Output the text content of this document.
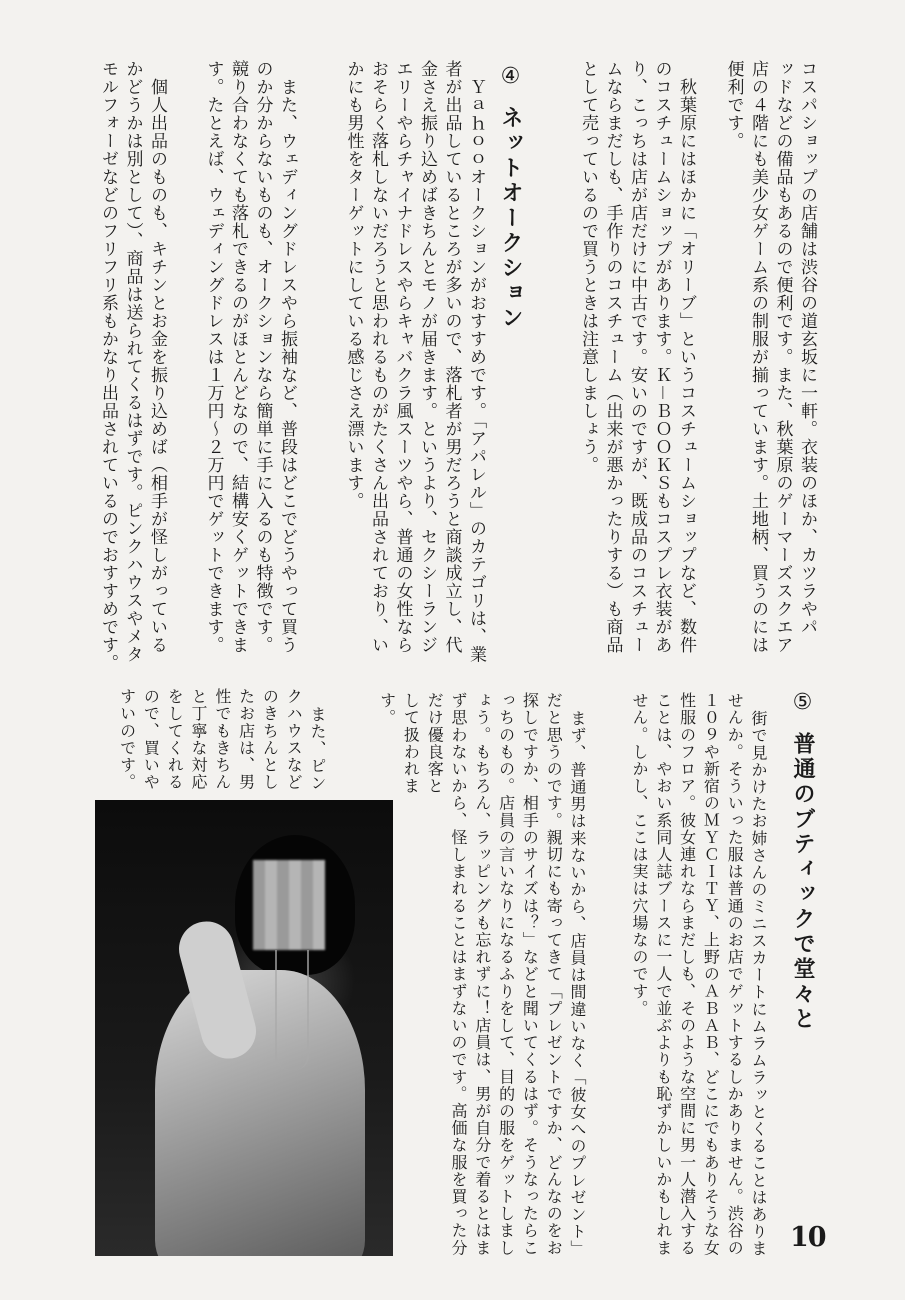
④ネットオークション
⑤普通のブティックで堂々と
10
コスパショップの店舗は渋谷の道玄坂に一軒。衣装のほか、カツラやパ
ッドなどの備品もあるので便利です。また、秋葉原のゲーマーズスクエア
店の４階にも美少女ゲーム系の制服が揃っています。土地柄、買うのには
便利です。
秋葉原にはほかに「オリーブ」というコスチュームショップなど、数件
のコスチュームショップがあります。Ｋ－ＢＯＯＫＳもコスプレ衣装があ
り、こっちは店が店だけに中古です。安いのですが、既成品のコスチュー
ムならまだしも、手作りのコスチューム（出来が悪かったりする）も商品
として売っているので買うときは注意しましょう。
Ｙａｈｏｏオークションがおすすめです。「アパレル」のカテゴリは、業
者が出品しているところが多いので、落札者が男だろうと商談成立し、代
金さえ振り込めばきちんとモノが届きます。というより、セクシーランジ
エリーやらチャイナドレスやらキャバクラ風スーツやら、普通の女性なら
おそらく落札しないだろうと思われるものがたくさん出品されており、い
かにも男性をターゲットにしている感じさえ漂います。
また、ウェディングドレスやら振袖など、普段はどこでどうやって買う
のか分からないものも、オークションなら簡単に手に入るのも特徴です。
競り合わなくても落札できるのがほとんどなので、結構安くゲットできま
す。たとえば、ウェディングドレスは１万円～２万円でゲットできます。
個人出品のものも、キチンとお金を振り込めば（相手が怪しがっている
かどうかは別として）、商品は送られてくるはずです。ピンクハウスやメタ
モルフォーゼなどのフリフリ系もかなり出品されているのでおすすめです。
街で見かけたお姉さんのミニスカートにムラムラッとくることはありま
せんか。そういった服は普通のお店でゲットするしかありません。渋谷の
１０９や新宿のＭＹＣＩＴＹ、上野のＡＢＡＢ、どこにでもありそうな女
性服のフロア。彼女連れならまだしも、そのような空間に男一人潜入する
ことは、やおい系同人誌ブースに一人で並ぶよりも恥ずかしいかもしれま
せん。しかし、ここは実は穴場なのです。
まず、普通男は来ないから、店員は間違いなく「彼女へのプレゼント」
だと思うのです。親切にも寄ってきて「プレゼントですか、どんなのをお
探しですか、相手のサイズは？」などと聞いてくるはず。そうなったらこ
っちのもの。店員の言いなりになるふりをして、目的の服をゲットしまし
ょう。もちろん、ラッピングも忘れずに！店員は、男が自分で着るとはま
ず思わないから、怪しまれることはまずないのです。高価な服を買った分
だけ優良客と
して扱われま
す。
また、ピン
クハウスなど
のきちんとし
たお店は、男
性でもきちん
と丁寧な対応
をしてくれる
ので、買いや
すいのです。
